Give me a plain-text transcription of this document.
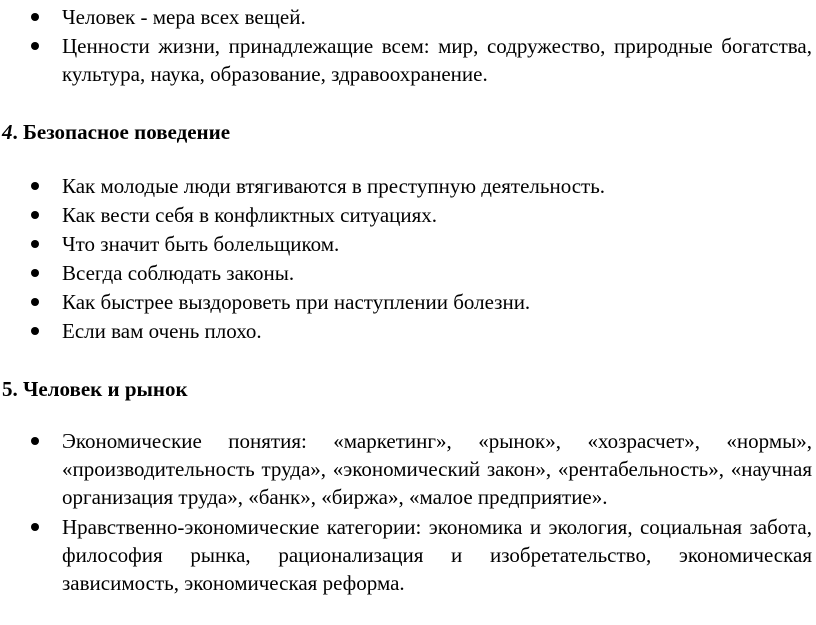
Человек - мера всех вещей.
Ценности жизни, принадлежащие всем: мир, содружество, природные богатства, культура, наука, образование, здравоохранение.
4. Безопасное поведение
Как молодые люди втягиваются в преступную деятельность.
Как вести себя в конфликтных ситуациях.
Что значит быть болельщиком.
Всегда соблюдать законы.
Как быстрее выздороветь при наступлении болезни.
Если вам очень плохо.
5. Человек и рынок
Экономические понятия: «маркетинг», «рынок», «хозрасчет», «нормы», «производительность труда», «экономический закон», «рентабельность», «научная организация труда», «банк», «биржа», «малое предприятие».
Нравственно-экономические категории: экономика и экология, социальная забота, философия рынка, рационализация и изобретательство, экономическая зависимость, экономическая реформа.
